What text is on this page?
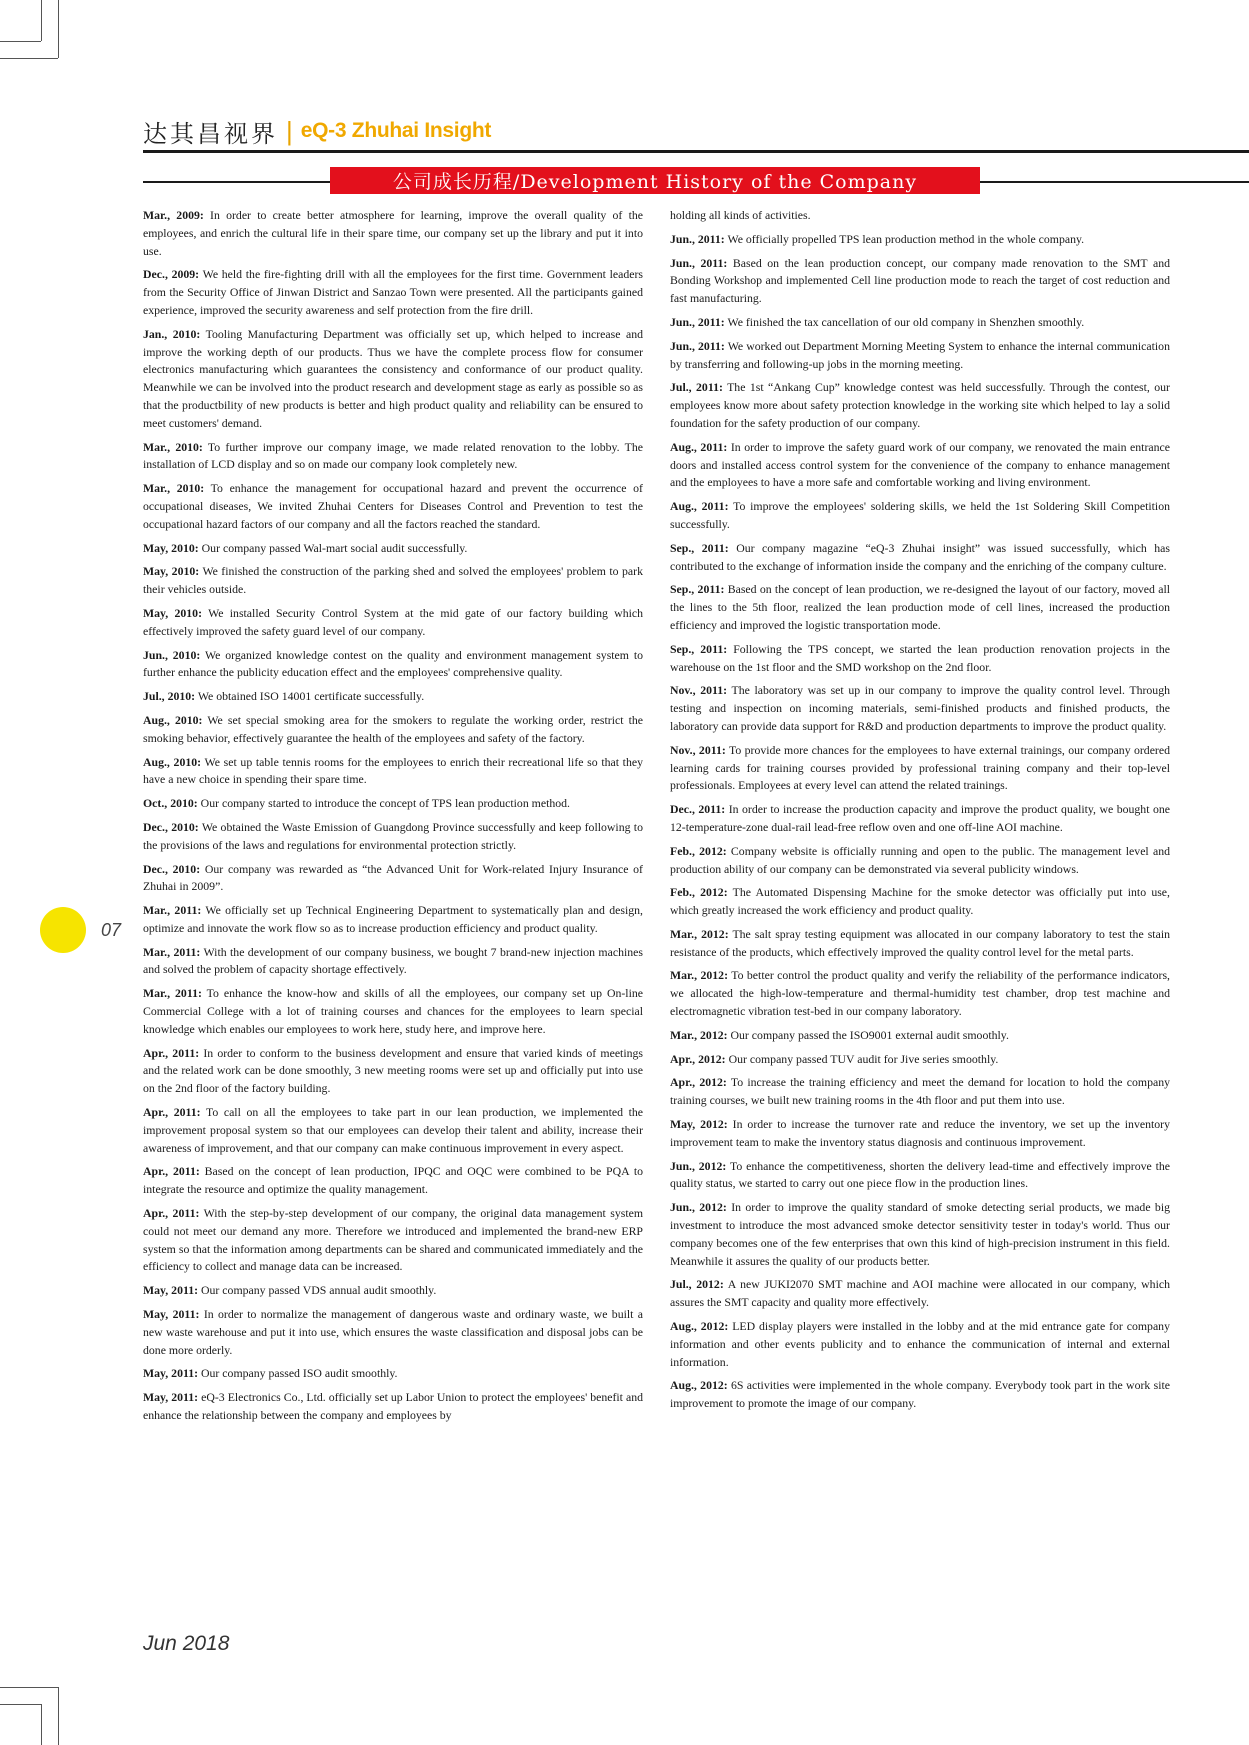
达其昌视界 | eQ-3 Zhuhai Insight
公司成长历程/Development History of the Company

Mar., 2009: In order to create better atmosphere for learning, improve the overall quality of the employees, and enrich the cultural life in their spare time, our company set up the library and put it into use.

Dec., 2009: We held the fire-fighting drill with all the employees for the first time. Government leaders from the Security Office of Jinwan District and Sanzao Town were presented. All the participants gained experience, improved the security awareness and self protection from the fire drill.

Jan., 2010: Tooling Manufacturing Department was officially set up, which helped to increase and improve the working depth of our products. Thus we have the complete process flow for consumer electronics manufacturing which guarantees the consistency and conformance of our product quality. Meanwhile we can be involved into the product research and development stage as early as possible so as that the productbility of new products is better and high product quality and reliability can be ensured to meet customers' demand.

Mar., 2010: To further improve our company image, we made related renovation to the lobby. The installation of LCD display and so on made our company look completely new.

Mar., 2010: To enhance the management for occupational hazard and prevent the occurrence of occupational diseases, We invited Zhuhai Centers for Diseases Control and Prevention to test the occupational hazard factors of our company and all the factors reached the standard.

May, 2010: Our company passed Wal-mart social audit successfully.

May, 2010: We finished the construction of the parking shed and solved the employees' problem to park their vehicles outside.

May, 2010: We installed Security Control System at the mid gate of our factory building which effectively improved the safety guard level of our company.

Jun., 2010: We organized knowledge contest on the quality and environment management system to further enhance the publicity education effect and the employees' comprehensive quality.

Jul., 2010: We obtained ISO 14001 certificate successfully.

Aug., 2010: We set special smoking area for the smokers to regulate the working order, restrict the smoking behavior, effectively guarantee the health of the employees and safety of the factory.

Aug., 2010: We set up table tennis rooms for the employees to enrich their recreational life so that they have a new choice in spending their spare time.

Oct., 2010: Our company started to introduce the concept of TPS lean production method.

Dec., 2010: We obtained the Waste Emission of Guangdong Province successfully and keep following to the provisions of the laws and regulations for environmental protection strictly.

Dec., 2010: Our company was rewarded as “the Advanced Unit for Work-related Injury Insurance of Zhuhai in 2009”.

Mar., 2011: We officially set up Technical Engineering Department to systematically plan and design, optimize and innovate the work flow so as to increase production efficiency and product quality.

Mar., 2011: With the development of our company business, we bought 7 brand-new injection machines and solved the problem of capacity shortage effectively.

Mar., 2011: To enhance the know-how and skills of all the employees, our company set up On-line Commercial College with a lot of training courses and chances for the employees to learn special knowledge which enables our employees to work here, study here, and improve here.

Apr., 2011: In order to conform to the business development and ensure that varied kinds of meetings and the related work can be done smoothly, 3 new meeting rooms were set up and officially put into use on the 2nd floor of the factory building.

Apr., 2011: To call on all the employees to take part in our lean production, we implemented the improvement proposal system so that our employees can develop their talent and ability, increase their awareness of improvement, and that our company can make continuous improvement in every aspect.

Apr., 2011: Based on the concept of lean production, IPQC and OQC were combined to be PQA to integrate the resource and optimize the quality management.

Apr., 2011: With the step-by-step development of our company, the original data management system could not meet our demand any more. Therefore we introduced and implemented the brand-new ERP system so that the information among departments can be shared and communicated immediately and the efficiency to collect and manage data can be increased.

May, 2011: Our company passed VDS annual audit smoothly.

May, 2011: In order to normalize the management of dangerous waste and ordinary waste, we built a new waste warehouse and put it into use, which ensures the waste classification and disposal jobs can be done more orderly.

May, 2011: Our company passed ISO audit smoothly.

May, 2011: eQ-3 Electronics Co., Ltd. officially set up Labor Union to protect the employees' benefit and enhance the relationship between the company and employees by

holding all kinds of activities.

Jun., 2011: We officially propelled TPS lean production method in the whole company.

Jun., 2011: Based on the lean production concept, our company made renovation to the SMT and Bonding Workshop and implemented Cell line production mode to reach the target of cost reduction and fast manufacturing.

Jun., 2011: We finished the tax cancellation of our old company in Shenzhen smoothly.

Jun., 2011: We worked out Department Morning Meeting System to enhance the internal communication by transferring and following-up jobs in the morning meeting.

Jul., 2011: The 1st “Ankang Cup” knowledge contest was held successfully. Through the contest, our employees know more about safety protection knowledge in the working site which helped to lay a solid foundation for the safety production of our company.

Aug., 2011: In order to improve the safety guard work of our company, we renovated the main entrance doors and installed access control system for the convenience of the company to enhance management and the employees to have a more safe and comfortable working and living environment.

Aug., 2011: To improve the employees' soldering skills, we held the 1st Soldering Skill Competition successfully.

Sep., 2011: Our company magazine “eQ-3 Zhuhai insight” was issued successfully, which has contributed to the exchange of information inside the company and the enriching of the company culture.

Sep., 2011: Based on the concept of lean production, we re-designed the layout of our factory, moved all the lines to the 5th floor, realized the lean production mode of cell lines, increased the production efficiency and improved the logistic transportation mode.

Sep., 2011: Following the TPS concept, we started the lean production renovation projects in the warehouse on the 1st floor and the SMD workshop on the 2nd floor.

Nov., 2011: The laboratory was set up in our company to improve the quality control level. Through testing and inspection on incoming materials, semi-finished products and finished products, the laboratory can provide data support for R&D and production departments to improve the product quality.

Nov., 2011: To provide more chances for the employees to have external trainings, our company ordered learning cards for training courses provided by professional training company and their top-level professionals. Employees at every level can attend the related trainings.

Dec., 2011: In order to increase the production capacity and improve the product quality, we bought one 12-temperature-zone dual-rail lead-free reflow oven and one off-line AOI machine.

Feb., 2012: Company website is officially running and open to the public. The management level and production ability of our company can be demonstrated via several publicity windows.

Feb., 2012: The Automated Dispensing Machine for the smoke detector was officially put into use, which greatly increased the work efficiency and product quality.

Mar., 2012: The salt spray testing equipment was allocated in our company laboratory to test the stain resistance of the products, which effectively improved the quality control level for the metal parts.

Mar., 2012: To better control the product quality and verify the reliability of the performance indicators, we allocated the high-low-temperature and thermal-humidity test chamber, drop test machine and electromagnetic vibration test-bed in our company laboratory.

Mar., 2012: Our company passed the ISO9001 external audit smoothly.

Apr., 2012: Our company passed TUV audit for Jive series smoothly.

Apr., 2012: To increase the training efficiency and meet the demand for location to hold the company training courses, we built new training rooms in the 4th floor and put them into use.

May, 2012: In order to increase the turnover rate and reduce the inventory, we set up the inventory improvement team to make the inventory status diagnosis and continuous improvement.

Jun., 2012: To enhance the competitiveness, shorten the delivery lead-time and effectively improve the quality status, we started to carry out one piece flow in the production lines.

Jun., 2012: In order to improve the quality standard of smoke detecting serial products, we made big investment to introduce the most advanced smoke detector sensitivity tester in today's world. Thus our company becomes one of the few enterprises that own this kind of high-precision instrument in this field. Meanwhile it assures the quality of our products better.

Jul., 2012: A new JUKI2070 SMT machine and AOI machine were allocated in our company, which assures the SMT capacity and quality more effectively.

Aug., 2012: LED display players were installed in the lobby and at the mid entrance gate for company information and other events publicity and to enhance the communication of internal and external information.

Aug., 2012: 6S activities were implemented in the whole company. Everybody took part in the work site improvement to promote the image of our company.

07
Jun 2018
